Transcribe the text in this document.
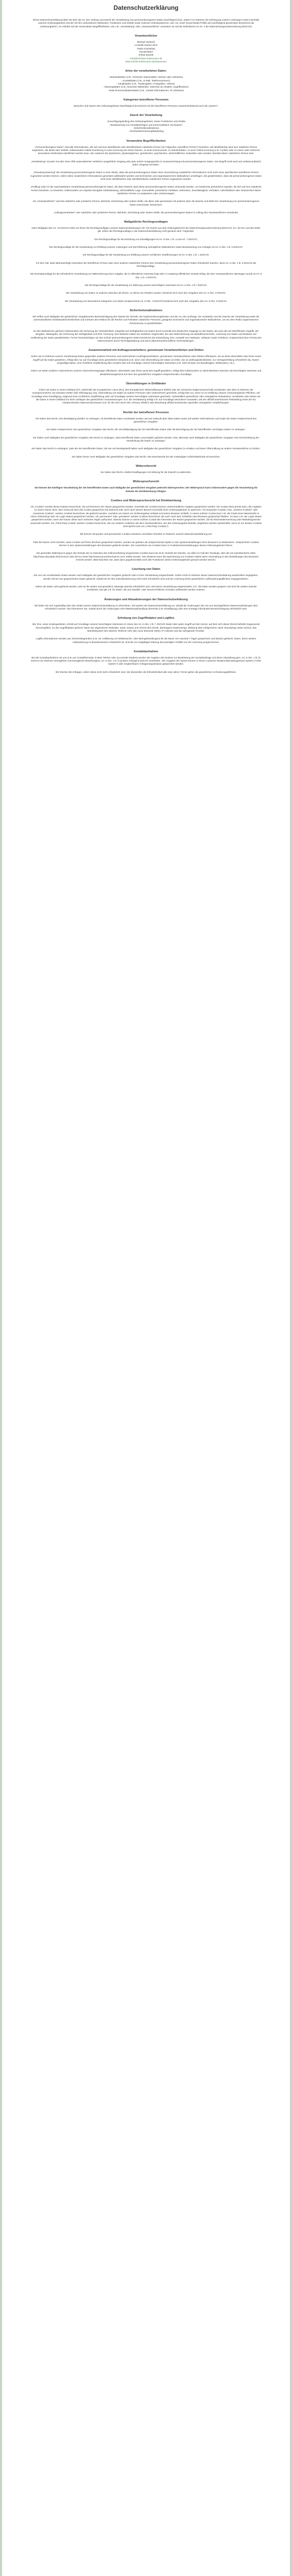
Datenschutzerklärung
Diese Datenschutzerklärung klärt Sie über die Art, den Umfang und Zweck der Verarbeitung von personenbezogenen Daten (nachfolgend kurz „Daten“) im Rahmen der Erbringung unserer Leistungen sowie innerhalb unseres Onlineangebotes und der mit ihm verbundenen Webseiten, Funktionen und Inhalte sowie externen Onlinepräsenzen, wie z.B. unser Social Media Profile auf (nachfolgend gemeinsam bezeichnet als „Onlineangebot“). Im Hinblick auf die verwendeten Begrifflichkeiten, wie z.B. „Verarbeitung“ oder „Verantwortlicher“ verweisen wir auf die Definitionen im Art. 4 der Datenschutzgrundverordnung (DSGVO).
Verantwortlicher
Michael Heinisch
Le-Molle-Garten-Str.9
74931 Künzelsau
Deutschland
07940 511100
mich@michael-onlinemusic.de
www.michel-onlinemusic.de/impressum
Arten der verarbeiteten Daten:
- Bestandsdaten (z.B., Personen-Stammdaten, Namen oder Adressen).
- Kontaktdaten (z.B., E-Mail, Telefonnummern).
- Inhaltsdaten (z.B., Texteingaben, Fotografien, Videos).
- Nutzungsdaten (z.B., besuchte Webseiten, Interesse an Inhalten, Zugriffszeiten).
- Meta-/Kommunikationsdaten (z.B., Geräte-Informationen, IP-Adressen).
Kategorien betroffener Personen
Besucher und Nutzer des Onlineangebotes (Nachfolgend bezeichnen wir die betroffenen Personen zusammenfassend auch als „Nutzer“).
Zweck der Verarbeitung
- Zurverfügungstellung des Onlineangebotes, seiner Funktionen und Inhalte.
- Beantwortung von Kontaktanfragen und Kommunikation mit Nutzern.
- Sicherheitsmaßnahmen.
- Reichweitenmessung/Marketing
Verwendete Begrifflichkeiten
„Personenbezogene Daten“ sind alle Informationen, die sich auf eine identifizierte oder identifizierbare natürliche Person (im Folgenden „betroffene Person“) beziehen; als identifizierbar wird eine natürliche Person angesehen, die direkt oder indirekt, insbesondere mittels Zuordnung zu einer Kennung wie einem Namen, zu einer Kennnummer, zu Standortdaten, zu einer Online-Kennung (z.B. Cookie) oder zu einem oder mehreren besonderen Merkmalen identifiziert werden kann, die Ausdruck der physischen, physiologischen, genetischen, psychischen, wirtschaftlichen, kulturellen oder sozialen Identität dieser natürlichen Person sind.
„Verarbeitung“ ist jeder mit oder ohne Hilfe automatisierter Verfahren ausgeführte Vorgang oder jede solche Vorgangsreihe im Zusammenhang mit personenbezogenen Daten. Der Begriff reicht weit und umfasst praktisch jeden Umgang mit Daten.
„Pseudonymisierung“ die Verarbeitung personenbezogener Daten in einer Weise, dass die personenbezogenen Daten ohne Hinzuziehung zusätzlicher Informationen nicht mehr einer spezifischen betroffenen Person zugeordnet werden können, sofern diese zusätzlichen Informationen gesondert aufbewahrt werden und technischen und organisatorischen Maßnahmen unterliegen, die gewährleisten, dass die personenbezogenen Daten nicht einer identifizierten oder identifizierbaren natürlichen Person zugewiesen werden.
„Profiling“ jede Art der automatisierten Verarbeitung personenbezogener Daten, die darin besteht, dass diese personenbezogenen Daten verwendet werden, um bestimmte persönliche Aspekte, die sich auf eine natürliche Person beziehen, zu bewerten, insbesondere um Aspekte bezüglich Arbeitsleistung, wirtschaftliche Lage, Gesundheit, persönliche Vorlieben, Interessen, Zuverlässigkeit, Verhalten, Aufenthaltsort oder Ortswechsel dieser natürlichen Person zu analysieren oder vorherzusagen.
Als „Verantwortlicher“ wird die natürliche oder juristische Person, Behörde, Einrichtung oder andere Stelle, die allein oder gemeinsam mit anderen über die Zwecke und Mittel der Verarbeitung von personenbezogenen Daten entscheidet, bezeichnet.
„Auftragsverarbeiter“ eine natürliche oder juristische Person, Behörde, Einrichtung oder andere Stelle, die personenbezogene Daten im Auftrag des Verantwortlichen verarbeitet.
Maßgebliche Rechtsgrundlagen
Nach Maßgabe des Art. 13 DSGVO teilen wir Ihnen die Rechtsgrundlagen unserer Datenverarbeitungen mit. Für Nutzer aus dem Geltungsbereich der Datenschutzgrundverordnung (DSGVO), d.h. der EU und des EWG gilt, sofern die Rechtsgrundlage in der Datenschutzerklärung nicht genannt wird, Folgendes:
Die Rechtsgrundlage für die Einholung von Einwilligungen ist Art. 6 Abs. 1 lit. a und Art. 7 DSGVO;
Die Rechtsgrundlage für die Verarbeitung zur Erfüllung unserer Leistungen und Durchführung vertraglicher Maßnahmen sowie Beantwortung von Anfragen ist Art. 6 Abs. 1 lit. b DSGVO;
Die Rechtsgrundlage für die Verarbeitung zur Erfüllung unserer rechtlichen Verpflichtungen ist Art. 6 Abs. 1 lit. c DSGVO;
Für den Fall, dass lebenswichtige Interessen der betroffenen Person oder einer anderen natürlichen Person eine Verarbeitung personenbezogener Daten erforderlich machen, dient Art. 6 Abs. 1 lit. d DSGVO als Rechtsgrundlage.
Die Rechtsgrundlage für die erforderliche Verarbeitung zur Wahrnehmung einer Aufgabe, die im öffentlichen Interesse liegt oder in Ausübung öffentlicher Gewalt erfolgt, die dem Verantwortlichen übertragen wurde ist Art. 6 Abs. 1 lit. e DSGVO.
Die Rechtsgrundlage für die Verarbeitung zur Wahrung unserer berechtigten Interessen ist Art. 6 Abs. 1 lit. f DSGVO.
Die Verarbeitung von Daten zu anderen Zwecken als denen, zu denen sie erhoben wurden, bestimmt sich nach den Vorgaben des Art. 6 Abs. 4 DSGVO.
Die Verarbeitung von besonderen Kategorien von Daten (entsprechend Art. 9 Abs. 1 DSGVO) bestimmt sich nach den Vorgaben des Art. 9 Abs. 2 DSGVO.
Sicherheitsmaßnahmen
Wir treffen nach Maßgabe der gesetzlichen Vorgabenunter Berücksichtigung des Stands der Technik, der Implementierungskosten und der Art, des Umfangs, der Umstände und der Zwecke der Verarbeitung sowie der unterschiedlichen Eintrittswahrscheinlichkeit und Schwere des Risikos für die Rechte und Freiheiten natürlicher Personen, geeignete technische und organisatorische Maßnahmen, um ein dem Risiko angemessenes Schutzniveau zu gewährleisten.
Zu den Maßnahmen gehören insbesondere die Sicherung der Vertraulichkeit, Integrität und Verfügbarkeit von Daten durch Kontrolle des physischen Zugangs zu den Daten, als auch des sie betreffenden Zugriffs, der Eingabe, Weitergabe, der Sicherung der Verfügbarkeit und ihrer Trennung. Des Weiteren haben wir Verfahren eingerichtet, die eine Wahrnehmung von Betroffenenrechten, Löschung von Daten und Reaktion auf Gefährdung der Daten gewährleisten. Ferner berücksichtigen wir den Schutz personenbezogener Daten bereits bei der Entwicklung, bzw. Auswahl von Hardware, Software sowie Verfahren, entsprechend dem Prinzip des Datenschutzes durch Technikgestaltung und durch datenschutzfreundliche Voreinstellungen.
Zusammenarbeit mit Auftragsverarbeitern, gemeinsam Verantwortlichen und Dritten
Sofern wir im Rahmen unserer Verarbeitung Daten gegenüber anderen Personen und Unternehmen (Auftragsverarbeitern, gemeinsam Verantwortlichen oder Dritten) offenbaren, sie an diese übermitteln oder ihnen sonst Zugriff auf die Daten gewähren, erfolgt dies nur auf Grundlage einer gesetzlichen Erlaubnis (z.B. wenn eine Übermittlung der Daten an Dritte, wie an Zahlungsdienstleister, zur Vertragserfüllung erforderlich ist), Nutzer eingewilligt haben, eine rechtliche Verpflichtung dies vorsieht oder auf Grundlage unserer berechtigten Interessen (z.B. beim Einsatz von Beauftragten, Webhostern, etc.).
Sofern wir Daten anderen Unternehmen unserer Unternehmensgruppe offenbaren, übermitteln oder ihnen sonst den Zugriff gewähren, erfolgt dies insbesondere zu administrativen Zwecken als berechtigtes Interesse und darüberhinausgehend auf einer den gesetzlichen Vorgaben entsprechenden Grundlage.
Übermittlungen in Drittländer
Sofern wir Daten in einem Drittland (d.h. außerhalb der Europäischen Union (EU), des Europäischen Wirtschaftsraums (EWR) oder der Schweizer Eidgenossenschaft) verarbeiten oder dies im Rahmen der Inanspruchnahme von Diensten Dritter oder Offenlegung, bzw. Übermittlung von Daten an andere Personen oder Unternehmen geschieht, erfolgt dies nur, wenn es zur Erfüllung unserer (vor)vertraglichen Pflichten, auf Grundlage Ihrer Einwilligung, aufgrund einer rechtlichen Verpflichtung oder auf Grundlage unserer berechtigten Interessen geschieht. Vorbehaltlich gesetzlicher oder vertraglicher Erlaubnisse, verarbeiten oder lassen wir die Daten in einem Drittland nur beim Vorliegen der gesetzlichen Voraussetzungen. D.h. die Verarbeitung erfolgt z.B. auf Grundlage besonderer Garantien, wie der offiziell anerkannten Feststellung eines der EU entsprechenden Datenschutzniveaus (z.B. für die USA durch den „Privacy Shield“) oder Beachtung offiziell anerkannter spezieller vertraglicher Verpflichtungen.
Rechte der betroffenen Personen
Sie haben das Recht, eine Bestätigung darüber zu verlangen, ob betreffende Daten verarbeitet werden und auf Auskunft über diese Daten sowie auf weitere Informationen und Kopie der Daten entsprechend den gesetzlichen Vorgaben.
Sie haben entsprechend. den gesetzlichen Vorgaben das Recht, die Vervollständigung der Sie betreffenden Daten oder die Berichtigung der Sie betreffenden unrichtigen Daten zu verlangen.
Sie haben nach Maßgabe der gesetzlichen Vorgaben das Recht zu verlangen, dass betreffende Daten unverzüglich gelöscht werden, bzw. alternativ nach Maßgabe der gesetzlichen Vorgaben eine Einschränkung der Verarbeitung der Daten zu verlangen.
Sie haben das Recht zu verlangen, dass die Sie betreffenden Daten, die Sie uns bereitgestellt haben nach Maßgabe der gesetzlichen Vorgaben zu erhalten und deren Übermittlung an andere Verantwortliche zu fordern.
Sie haben ferner nach Maßgabe der gesetzlichen Vorgaben das Recht, eine Beschwerde bei der zuständigen Aufsichtsbehörde einzureichen.
Widerrufsrecht
Sie haben das Recht, erteilte Einwilligungen mit Wirkung für die Zukunft zu widerrufen.
Widerspruchsrecht
Sie können der künftigen Verarbeitung der Sie betreffenden Daten nach Maßgabe der gesetzlichen Vorgaben jederzeit widersprechen. Der Widerspruch kann insbesondere gegen die Verarbeitung für Zwecke der Direktwerbung erfolgen.
Cookies und Widerspruchsrecht bei Direktwerbung
Als „Cookies“ werden kleine Dateien bezeichnet, die auf Rechnern der Nutzer gespeichert werden. Innerhalb der Cookies können unterschiedliche Angaben gespeichert werden. Ein Cookie dient primär dazu, die Angaben zu einem Nutzer (bzw. dem Gerät auf dem das Cookie gespeichert ist) während oder auch nach seinem Besuch innerhalb eines Onlineangebotes zu speichern. Als temporäre Cookies, bzw. „Session-Cookies“ oder „transiente Cookies“, werden Cookies bezeichnet, die gelöscht werden, nachdem ein Nutzer ein Onlineangebot verlässt und seinen Browser schließt. In einem solchen Cookie kann z.B. der Inhalt eines Warenkorbs in einem Onlineshop oder ein Login-Status gespeichert werden. Als „permanent“ oder „persistent“ werden Cookies bezeichnet, die auch nach dem Schließen des Browsers gespeichert bleiben. So kann z.B. der Login-Status gespeichert werden, wenn die Nutzer diese nach mehreren Tagen aufsuchen. Ebenso können in einem solchen Cookie die Interessen der Nutzer gespeichert werden, die für Reichweitenmessung oder Marketingzwecke verwendet werden. Als „Third-Party-Cookie“ werden Cookies bezeichnet, die von anderen Anbietern als dem Verantwortlichen, der das Onlineangebot betreibt, angeboten werden (andernfalls, wenn es nur dessen Cookies sind spricht man von „First-Party Cookies“).
Wir können temporäre und permanente Cookies einsetzen und klären hierüber im Rahmen unserer Datenschutzerklärung auf.
Falls die Nutzer nicht möchten, dass Cookies auf ihrem Rechner gespeichert werden, werden sie gebeten die entsprechende Option in den Systemeinstellungen ihres Browsers zu deaktivieren. Gespeicherte Cookies können in den Systemeinstellungen des Browsers gelöscht werden. Der Ausschluss von Cookies kann zu Funktionseinschränkungen dieses Onlineangebotes führen.
Ein genereller Widerspruch gegen den Einsatz der zu Zwecken des Onlinemarketing eingesetzten Cookies kann bei einer Vielzahl der Dienste, vor allem im Fall des Trackings, über die US-amerikanische Seite http://www.aboutads.info/choices/ oder die EU-Seite http://www.youronlinechoices.com/ erklärt werden. Des Weiteren kann die Speicherung von Cookies mittels deren Abschaltung in den Einstellungen des Browsers erreicht werden. Bitte beachten Sie, dass dann gegebenenfalls nicht alle Funktionen dieses Onlineangebotes genutzt werden können.
Löschung von Daten
Die von uns verarbeiteten Daten werden nach Maßgabe der gesetzlichen Vorgaben gelöscht oder in ihrer Verarbeitung eingeschränkt. Sofern nicht im Rahmen dieser Datenschutzerklärung ausdrücklich angegeben, werden die bei uns gespeicherten Daten gelöscht, sobald sie für ihre Zweckbestimmung nicht mehr erforderlich sind und der Löschung keine gesetzlichen Aufbewahrungspflichten entgegenstehen.
Sofern die Daten nicht gelöscht werden, weil sie für andere und gesetzlich zulässige Zwecke erforderlich sind, wird deren Verarbeitung eingeschränkt. D.h. die Daten werden gesperrt und nicht für andere Zwecke verarbeitet. Das gilt z.B. für Daten, die aus handels- oder steuerrechtlichen Gründen aufbewahrt werden müssen.
Änderungen und Aktualisierungen der Datenschutzerklärung
Wir bitten Sie sich regelmäßig über den Inhalt unserer Datenschutzerklärung zu informieren. Wir passen die Datenschutzerklärung an, sobald die Änderungen der von uns durchgeführten Datenverarbeitungen dies erforderlich machen. Wir informieren Sie, sobald durch die Änderungen eine Mitwirkungshandlung Ihrerseits (z.B. Einwilligung) oder eine sonstige individuelle Benachrichtigung erforderlich wird.
Erhebung von Zugriffsdaten und Logfiles
Wir, bzw. unser Hostinganbieter, erhebt auf Grundlage unserer berechtigten Interessen im Sinne des Art. 6 Abs. 1 lit. f. DSGVO Daten über jeden Zugriff auf den Server, auf dem sich dieser Dienst befindet (sogenannte Serverlogfiles). Zu den Zugriffsdaten gehören Name der abgerufenen Webseite, Datei, Datum und Uhrzeit des Abrufs, übertragene Datenmenge, Meldung über erfolgreichen Abruf, Browsertyp nebst Version, das Betriebssystem des Nutzers, Referrer URL (die zuvor besuchte Seite), IP-Adresse und der anfragende Provider.
Logfile-Informationen werden aus Sicherheitsgründen (z.B. zur Aufklärung von Missbrauchs- oder Betrugshandlungen) für die Dauer von maximal 7 Tagen gespeichert und danach gelöscht. Daten, deren weitere Aufbewahrung zu Beweiszwecken erforderlich ist, sind bis zur endgültigen Klärung des jeweiligen Vorfalls von der Löschung ausgenommen.
Kontaktaufnahme
Bei der Kontaktaufnahme mit uns (z.B. per Kontaktformular, E-Mail, Telefon oder via sozialer Medien) werden die Angaben des Nutzers zur Bearbeitung der Kontaktanfrage und deren Abwicklung gem. Art. 6 Abs. 1 lit. b) DSGVO (im Rahmen vertraglicher-/vorvertraglicher Beziehungen), Art. 6 Abs. 1 lit. f) (andere Anfragen) DSGVO verarbeitet.. Die Angaben der Nutzer können in einem Customer-Relationship-Management System ("CRM System") oder vergleichbarer Anfragenorganisation gespeichert werden.
Wir löschen die Anfragen, sofern diese nicht mehr erforderlich sind. Wir überprüfen die Erforderlichkeit alle zwei Jahre; Ferner gelten die gesetzlichen Archivierungspflichten.
